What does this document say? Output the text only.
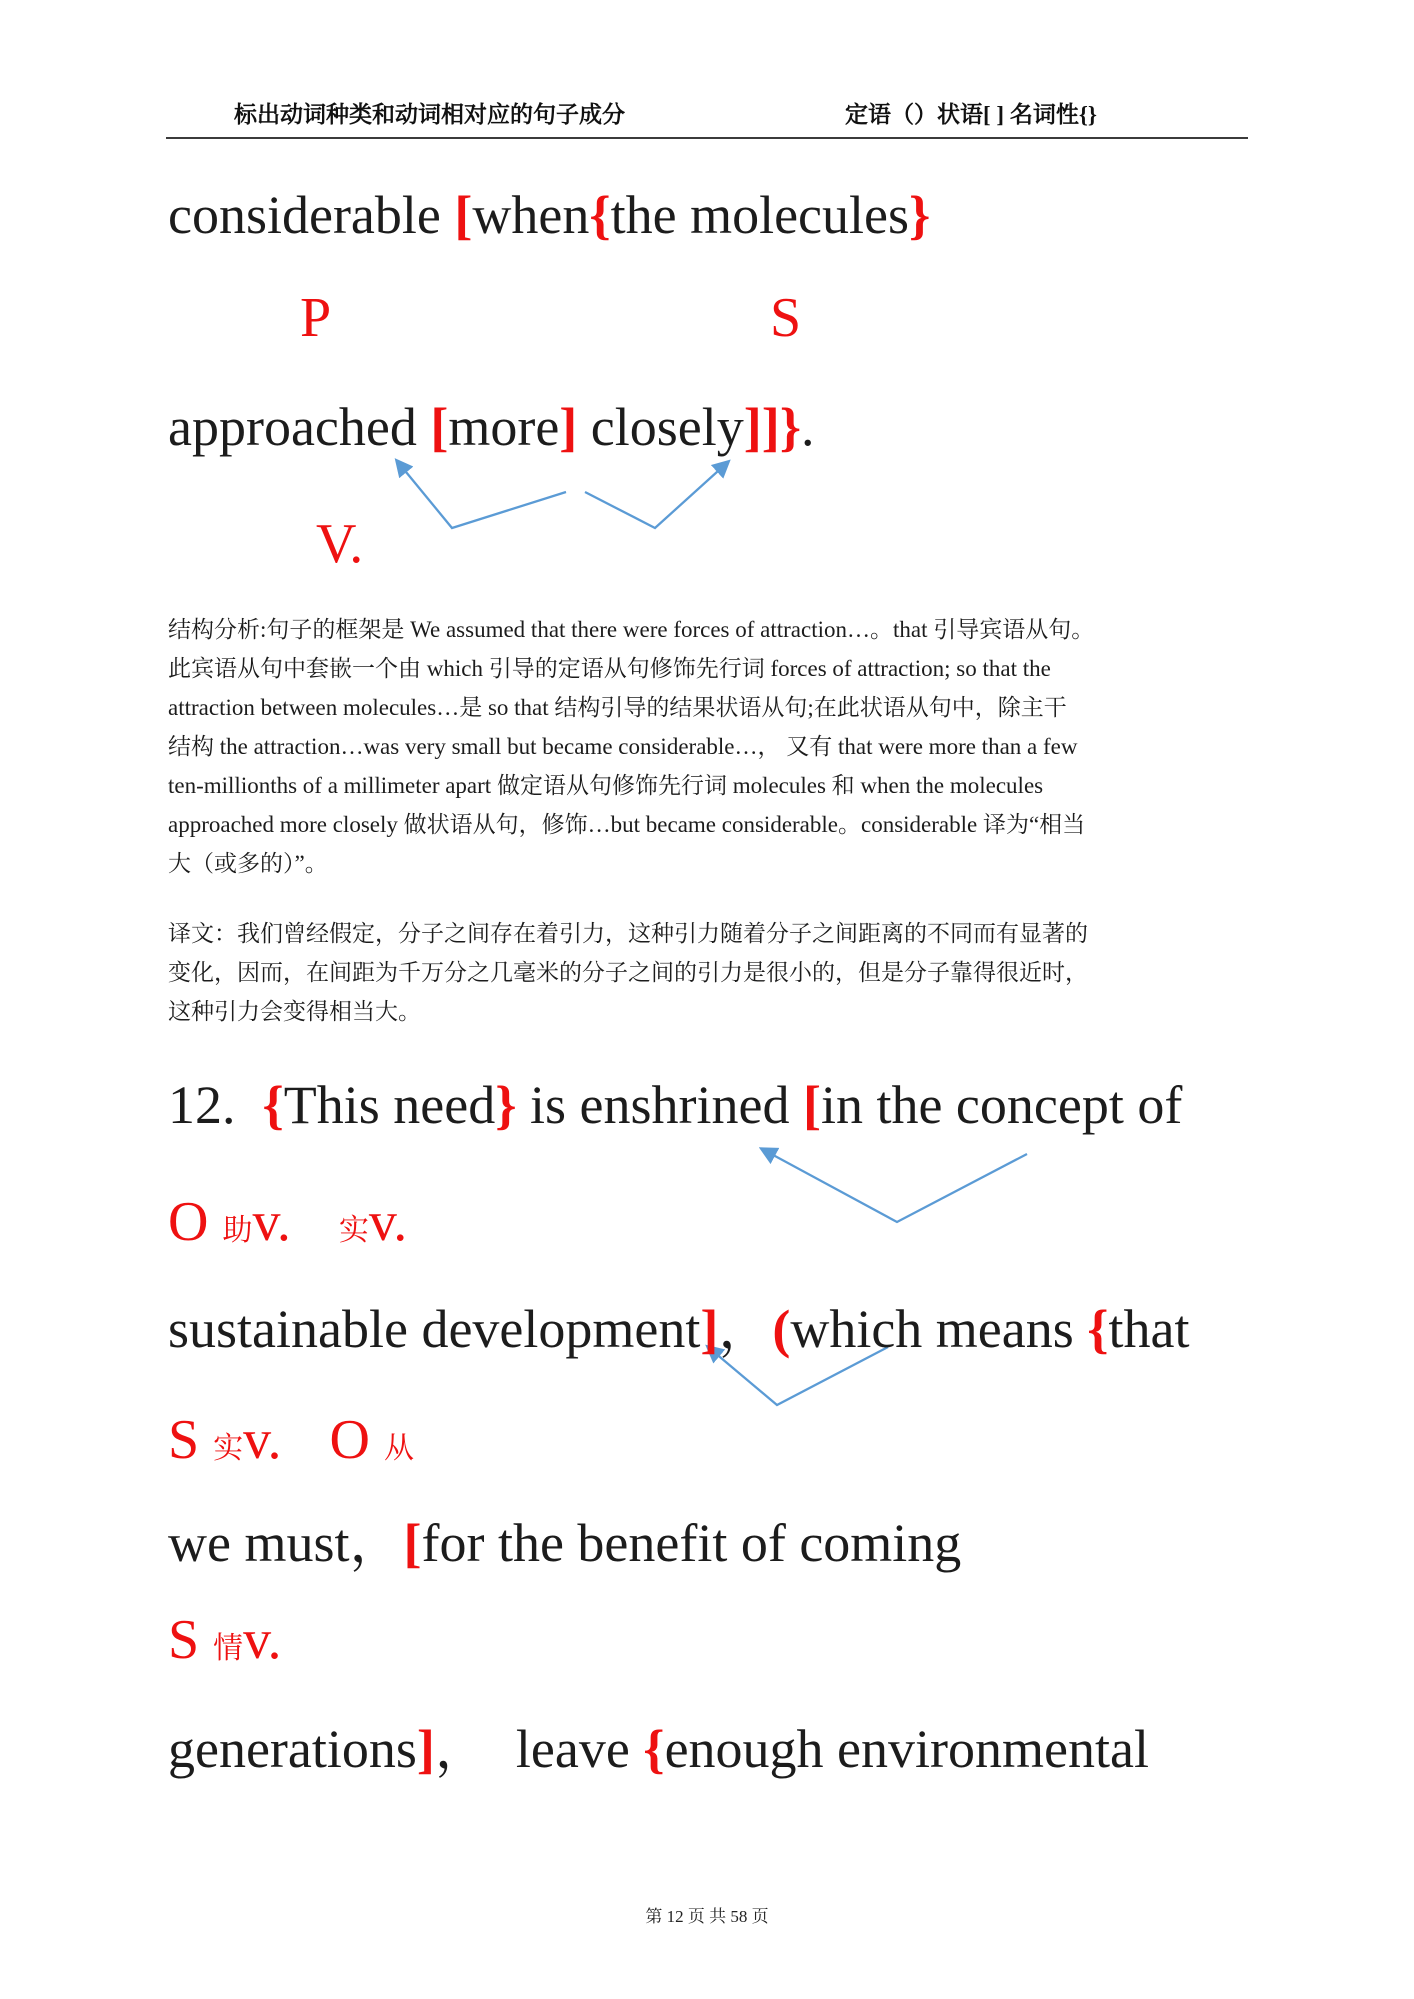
标出动词种类和动词相对应的句子成分

	定语（）状语[ ] 名词性{}

considerable [when{the molecules}

P

	S

approached [more] closely]]}.

V.

结构分析:句子的框架是 We assumed that there were forces of attraction…。that 引导宾语从句。
此宾语从句中套嵌一个由 which 引导的定语从句修饰先行词 forces of attraction; so that the
attraction between molecules…是 so that 结构引导的结果状语从句;在此状语从句中，除主干
结构 the attraction…was very small but became considerable…， 又有 that were more than a few
ten-millionths of a millimeter apart 做定语从句修饰先行词 molecules 和 when the molecules
approached more closely 做状语从句，修饰…but became considerable。considerable 译为“相当
大（或多的）”。
译文：我们曾经假定，分子之间存在着引力，这种引力随着分子之间距离的不同而有显著的
变化，因而，在间距为千万分之几毫米的分子之间的引力是很小的，但是分子靠得很近时，
这种引力会变得相当大。
12.  {This need} is enshrined [in the concept of
O 助v. 实v.
sustainable development]，(which means {that
S 实v. O 从
we must，[for the benefit of coming
S 情v.
generations]，  leave {enough environmental
第 12 页 共 58 页
